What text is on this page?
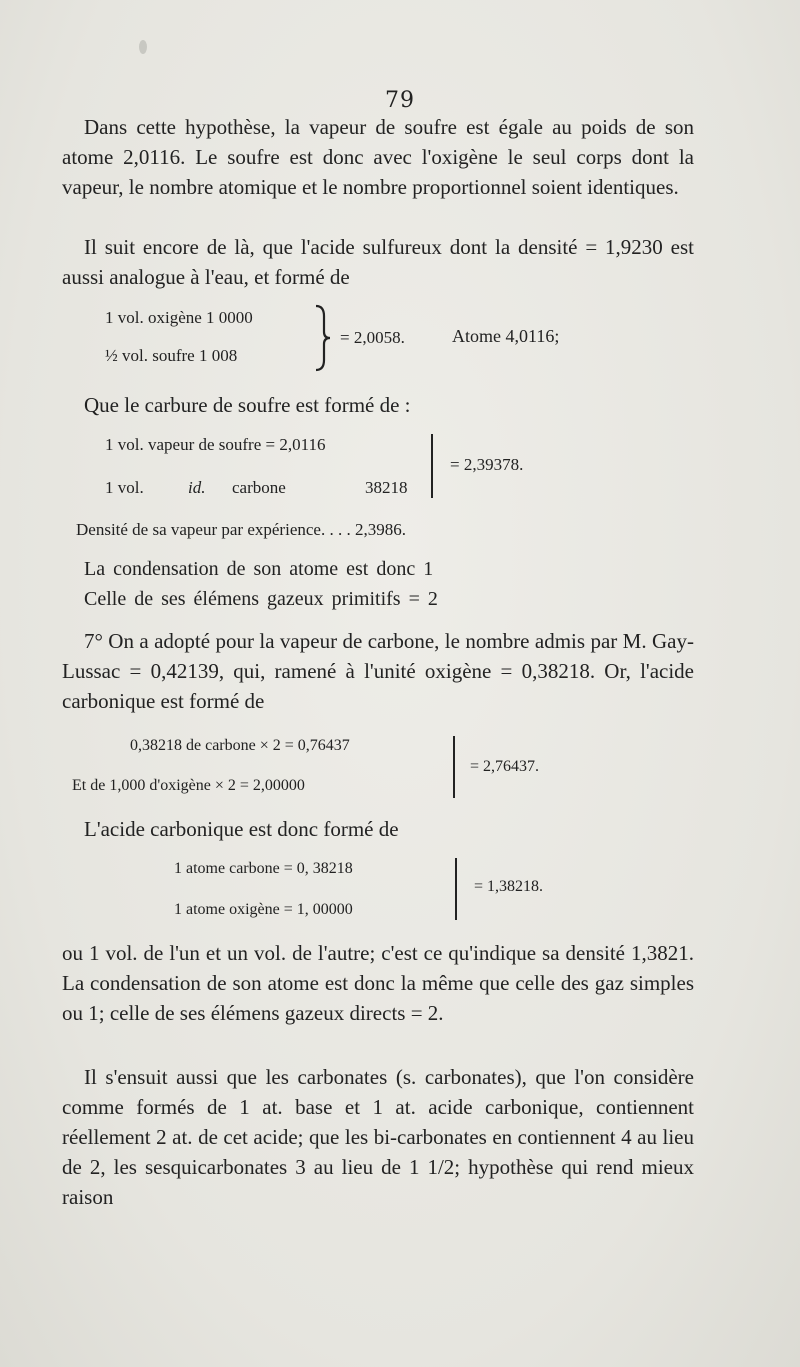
79
Dans cette hypothèse, la vapeur de soufre est égale au poids de son atome 2,0116. Le soufre est donc avec l'oxigène le seul corps dont la vapeur, le nombre atomique et le nombre proportionnel soient identiques.
Il suit encore de là, que l'acide sulfureux dont la densité = 1,9230 est aussi analogue à l'eau, et formé de
1 vol. oxigène 1 0000
½ vol. soufre 1 008
= 2,0058.	Atome 4,0116;
Que le carbure de soufre est formé de :
1 vol. vapeur de soufre = 2,0116
1 vol.	id. carbone	38218
= 2,39378.
Densité de sa vapeur par expérience. . . . 2,3986.
La condensation de son atome est donc 1
Celle de ses élémens gazeux primitifs = 2
7° On a adopté pour la vapeur de carbone, le nombre admis par M. Gay-Lussac = 0,42139, qui, ramené à l'unité oxigène = 0,38218. Or, l'acide carbonique est formé de
0,38218 de carbone × 2 = 0,76437
Et de 1,000 d'oxigène × 2 = 2,00000
= 2,76437.
L'acide carbonique est donc formé de
1 atome carbone = 0, 38218
1 atome oxigène = 1, 00000
= 1,38218.
ou 1 vol. de l'un et un vol. de l'autre; c'est ce qu'indique sa densité 1,3821. La condensation de son atome est donc la même que celle des gaz simples ou 1; celle de ses élémens gazeux directs = 2.
Il s'ensuit aussi que les carbonates (s. carbonates), que l'on considère comme formés de 1 at. base et 1 at. acide carbonique, contiennent réellement 2 at. de cet acide; que les bi-carbonates en contiennent 4 au lieu de 2, les sesquicarbonates 3 au lieu de 1 1/2; hypothèse qui rend mieux raison
